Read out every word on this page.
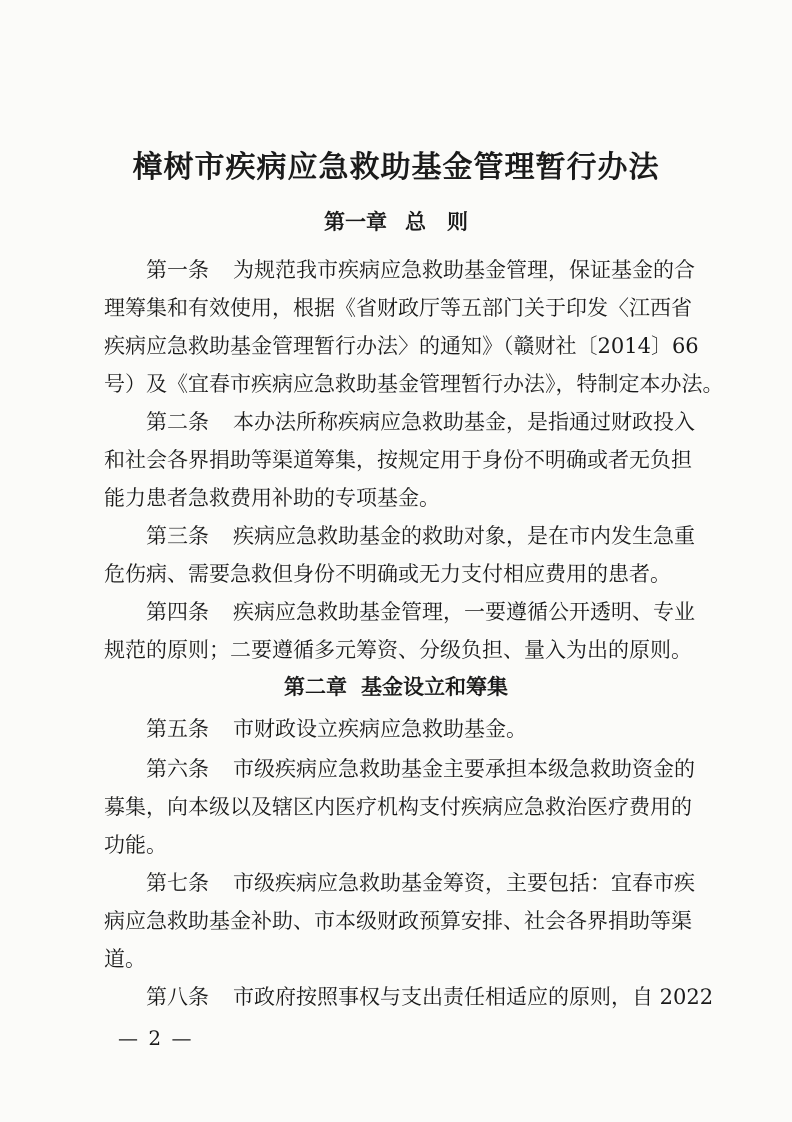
樟树市疾病应急救助基金管理暂行办法
第一章 总　则
第一条 为规范我市疾病应急救助基金管理，保证基金的合
理筹集和有效使用，根据《省财政厅等五部门关于印发〈江西省
疾病应急救助基金管理暂行办法〉的通知》（赣财社〔2014〕66
号）及《宜春市疾病应急救助基金管理暂行办法》，特制定本办法。
第二条 本办法所称疾病应急救助基金，是指通过财政投入
和社会各界捐助等渠道筹集，按规定用于身份不明确或者无负担
能力患者急救费用补助的专项基金。
第三条 疾病应急救助基金的救助对象，是在市内发生急重
危伤病、需要急救但身份不明确或无力支付相应费用的患者。
第四条 疾病应急救助基金管理，一要遵循公开透明、专业
规范的原则；二要遵循多元筹资、分级负担、量入为出的原则。
第二章 基金设立和筹集
第五条 市财政设立疾病应急救助基金。
第六条 市级疾病应急救助基金主要承担本级急救助资金的
募集，向本级以及辖区内医疗机构支付疾病应急救治医疗费用的
功能。
第七条 市级疾病应急救助基金筹资，主要包括：宜春市疾
病应急救助基金补助、市本级财政预算安排、社会各界捐助等渠
道。
第八条 市政府按照事权与支出责任相适应的原则，自 2022
— 2 —
